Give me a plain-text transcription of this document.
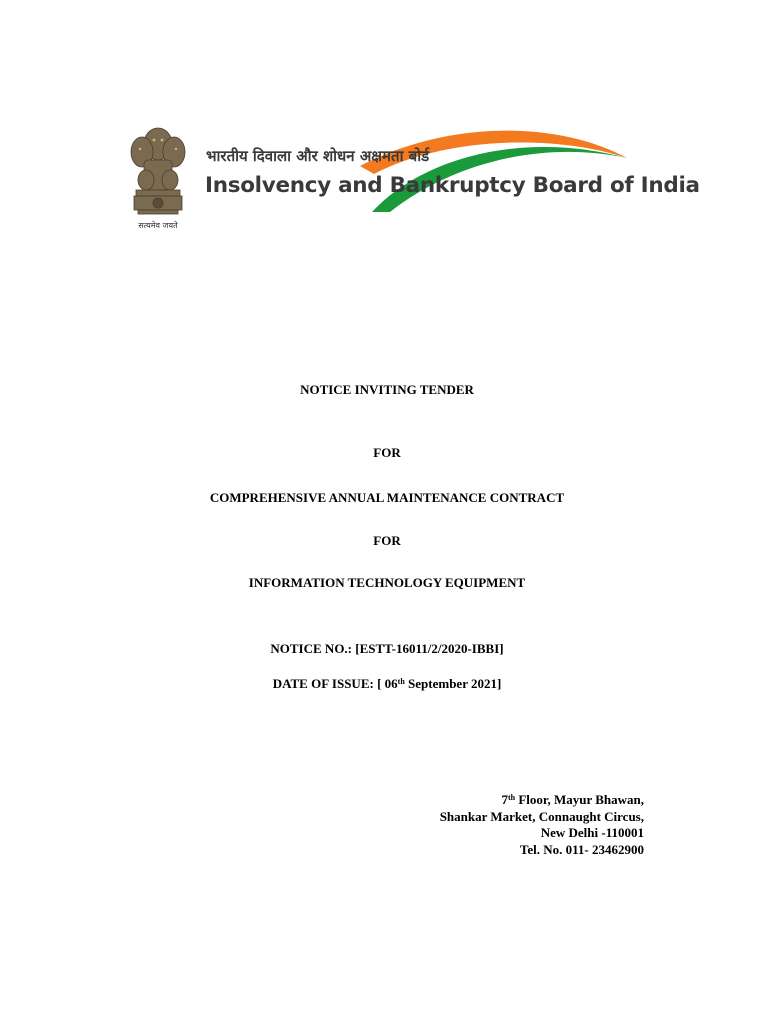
सत्यमेव जयते
भारतीय दिवाला और शोधन अक्षमता बोर्ड
Insolvency and Bankruptcy Board of India
NOTICE INVITING TENDER
FOR
COMPREHENSIVE ANNUAL MAINTENANCE CONTRACT
FOR
INFORMATION TECHNOLOGY EQUIPMENT
NOTICE NO.: [ESTT-16011/2/2020-IBBI]
DATE OF ISSUE: [ 06th September 2021]
7th Floor, Mayur Bhawan,
Shankar Market, Connaught Circus,
New Delhi -110001
Tel. No. 011- 23462900
